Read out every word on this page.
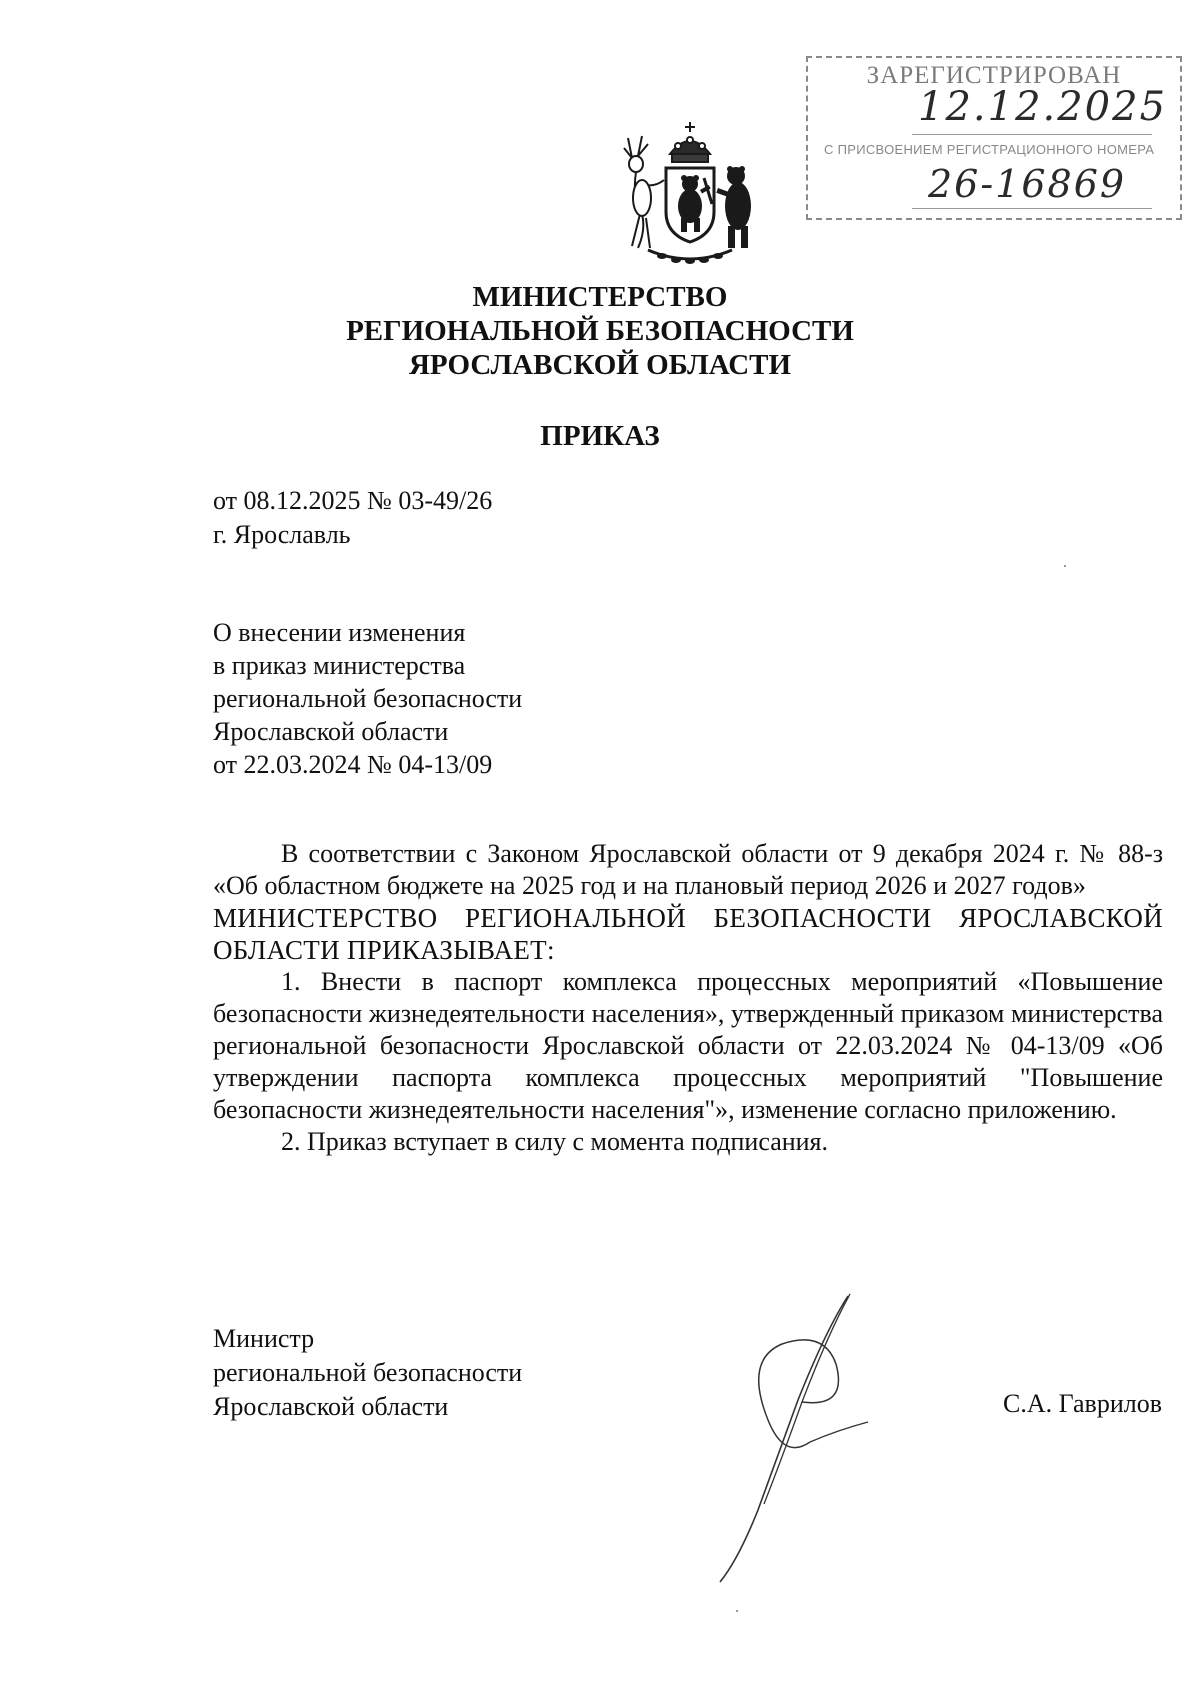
ЗАРЕГИСТРИРОВАН
12.12.2025
С ПРИСВОЕНИЕМ РЕГИСТРАЦИОННОГО НОМЕРА
26-16869
МИНИСТЕРСТВО
РЕГИОНАЛЬНОЙ БЕЗОПАСНОСТИ
ЯРОСЛАВСКОЙ ОБЛАСТИ
ПРИКАЗ
от 08.12.2025 № 03-49/26
г. Ярославль
О внесении изменения
в приказ министерства
региональной безопасности
Ярославской области
от 22.03.2024 № 04-13/09

В соответствии с Законом Ярославской области от 9 декабря 2024 г. № 88-з «Об областном бюджете на 2025 год и на плановый период 2026 и 2027 годов»

МИНИСТЕРСТВО РЕГИОНАЛЬНОЙ БЕЗОПАСНОСТИ ЯРОСЛАВСКОЙ ОБЛАСТИ ПРИКАЗЫВАЕТ:

1. Внести в паспорт комплекса процессных мероприятий «Повышение безопасности жизнедеятельности населения», утвержденный приказом министерства региональной безопасности Ярославской области от 22.03.2024 № 04-13/09 «Об утверждении паспорта комплекса процессных мероприятий "Повышение безопасности жизнедеятельности населения"», изменение согласно приложению.

2. Приказ вступает в силу с момента подписания.

Министр
региональной безопасности
Ярославской области	С.А. Гаврилов
